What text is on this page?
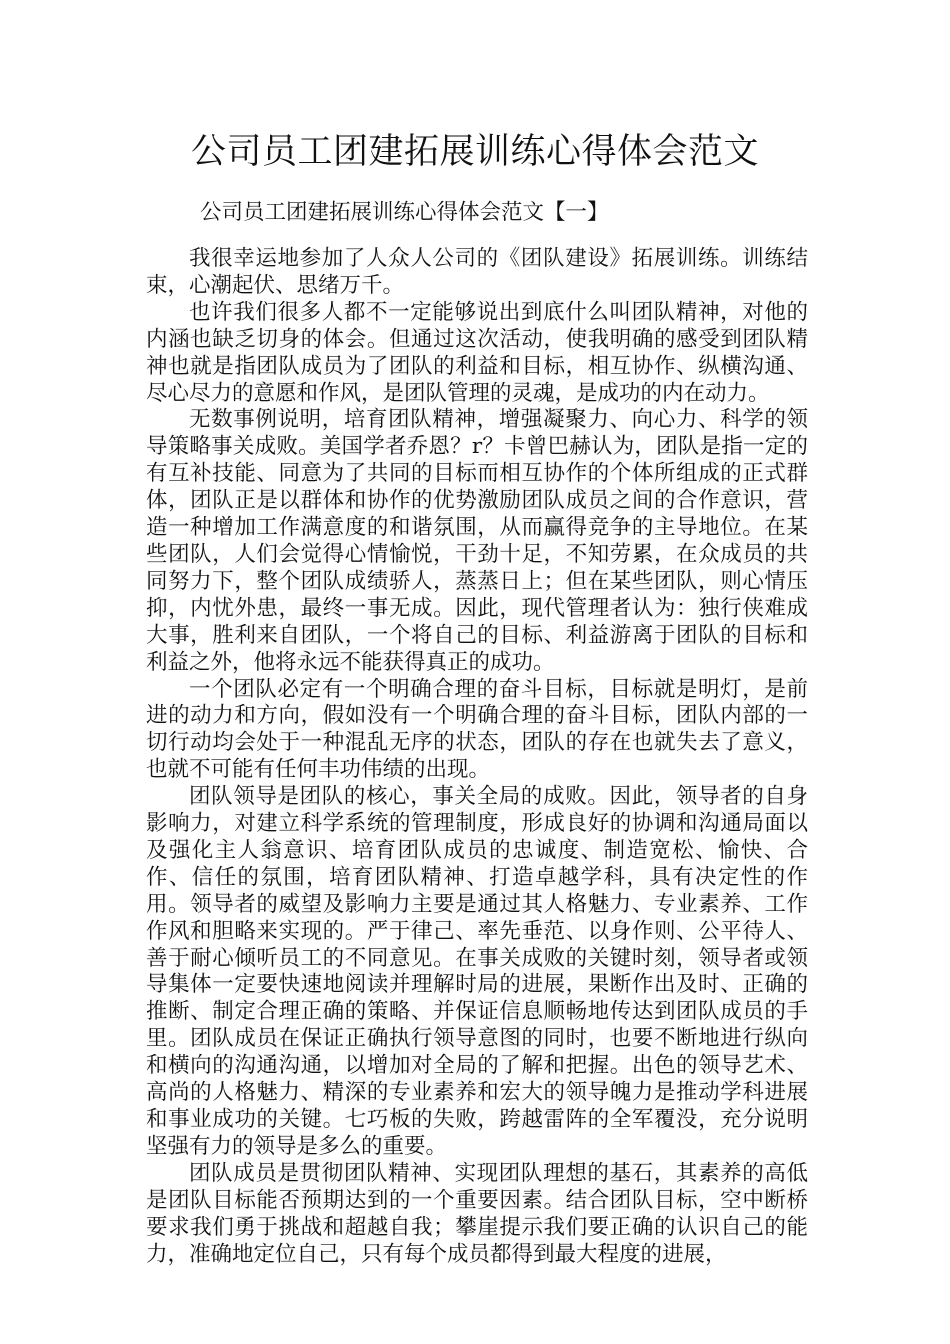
公司员工团建拓展训练心得体会范文

公司员工团建拓展训练心得体会范文【一】

我很幸运地参加了人众人公司的《团队建设》拓展训练。训练结束，心潮起伏、思绪万千。

也许我们很多人都不一定能够说出到底什么叫团队精神，对他的内涵也缺乏切身的体会。但通过这次活动，使我明确的感受到团队精神也就是指团队成员为了团队的利益和目标，相互协作、纵横沟通、尽心尽力的意愿和作风，是团队管理的灵魂，是成功的内在动力。

无数事例说明，培育团队精神，增强凝聚力、向心力、科学的领导策略事关成败。美国学者乔恩？r？卡曾巴赫认为，团队是指一定的有互补技能、同意为了共同的目标而相互协作的个体所组成的正式群体，团队正是以群体和协作的优势激励团队成员之间的合作意识，营造一种增加工作满意度的和谐氛围，从而赢得竞争的主导地位。在某些团队，人们会觉得心情愉悦，干劲十足，不知劳累，在众成员的共同努力下，整个团队成绩骄人，蒸蒸日上；但在某些团队，则心情压抑，内忧外患，最终一事无成。因此，现代管理者认为：独行侠难成大事，胜利来自团队，一个将自己的目标、利益游离于团队的目标和利益之外，他将永远不能获得真正的成功。

一个团队必定有一个明确合理的奋斗目标，目标就是明灯，是前进的动力和方向，假如没有一个明确合理的奋斗目标，团队内部的一切行动均会处于一种混乱无序的状态，团队的存在也就失去了意义，也就不可能有任何丰功伟绩的出现。

团队领导是团队的核心，事关全局的成败。因此，领导者的自身影响力，对建立科学系统的管理制度，形成良好的协调和沟通局面以及强化主人翁意识、培育团队成员的忠诚度、制造宽松、愉快、合作、信任的氛围，培育团队精神、打造卓越学科，具有决定性的作用。领导者的威望及影响力主要是通过其人格魅力、专业素养、工作作风和胆略来实现的。严于律己、率先垂范、以身作则、公平待人、善于耐心倾听员工的不同意见。在事关成败的关键时刻，领导者或领导集体一定要快速地阅读并理解时局的进展，果断作出及时、正确的推断、制定合理正确的策略、并保证信息顺畅地传达到团队成员的手里。团队成员在保证正确执行领导意图的同时，也要不断地进行纵向和横向的沟通沟通，以增加对全局的了解和把握。出色的领导艺术、高尚的人格魅力、精深的专业素养和宏大的领导魄力是推动学科进展和事业成功的关键。七巧板的失败，跨越雷阵的全军覆没，充分说明坚强有力的领导是多么的重要。

团队成员是贯彻团队精神、实现团队理想的基石，其素养的高低是团队目标能否预期达到的一个重要因素。结合团队目标，空中断桥要求我们勇于挑战和超越自我；攀崖提示我们要正确的认识自己的能力，准确地定位自己，只有每个成员都得到最大程度的进展，
